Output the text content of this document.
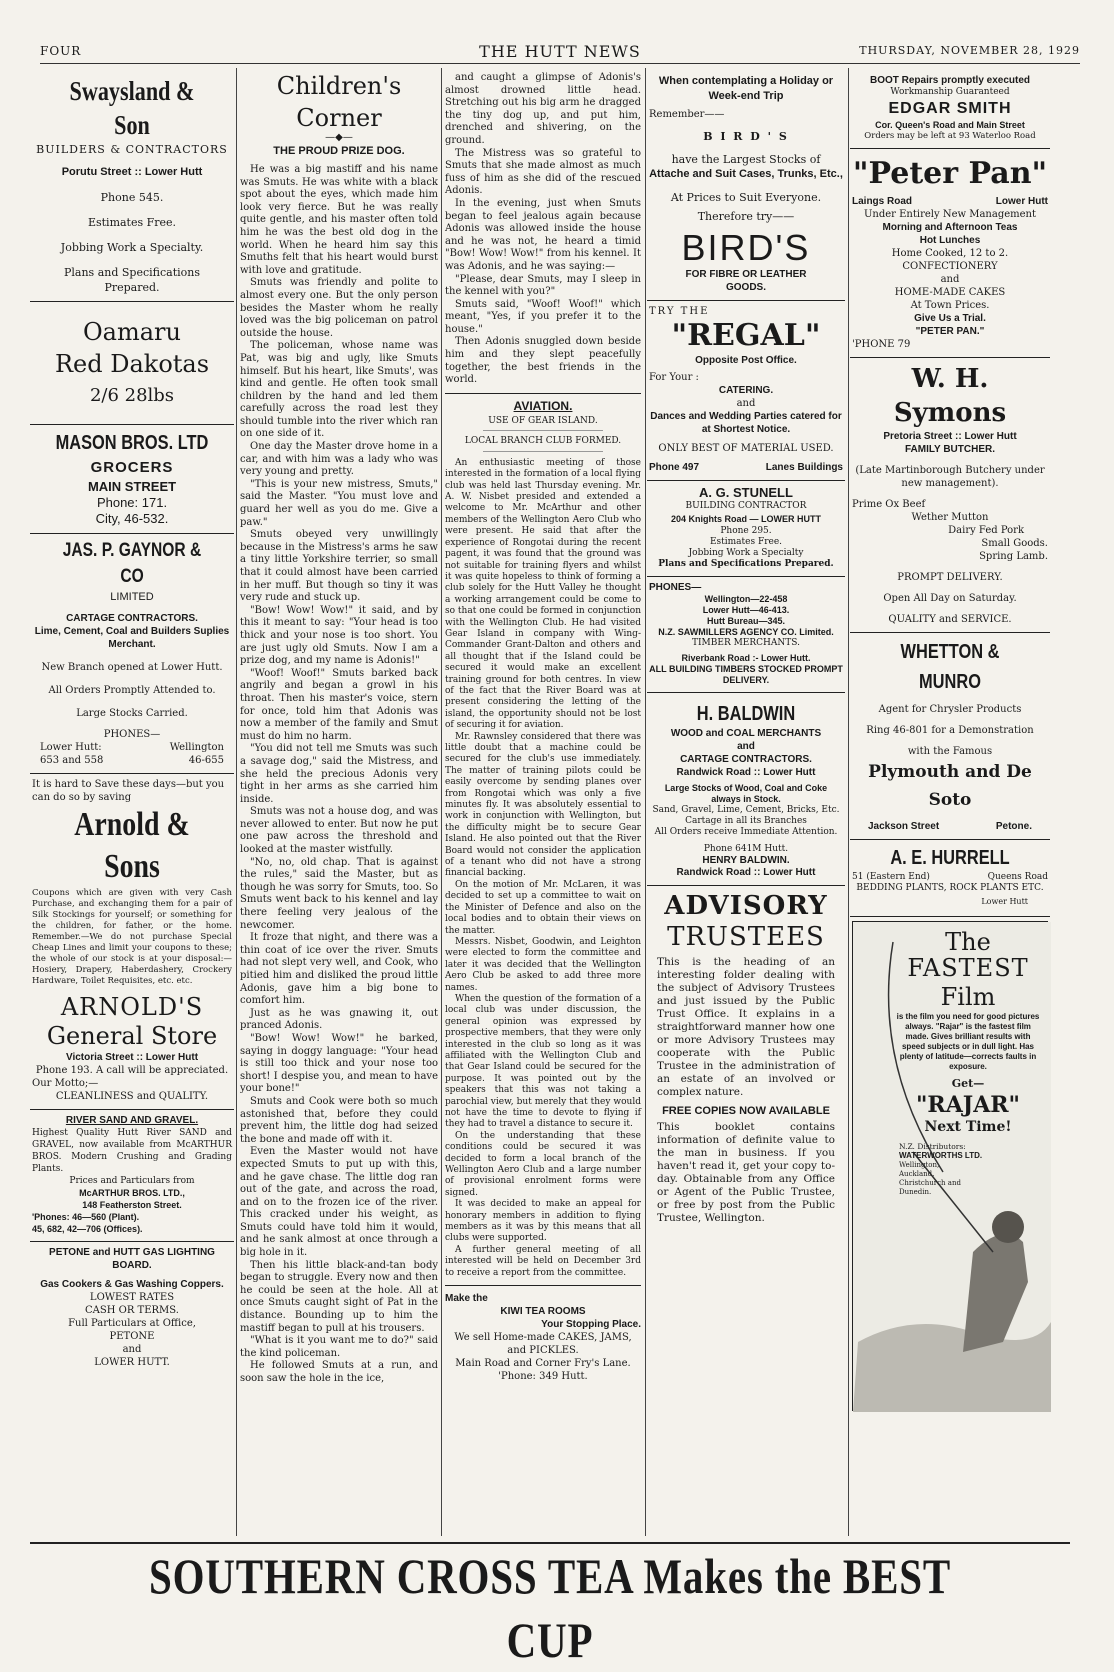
FOUR	THE HUTT NEWS	THURSDAY, NOVEMBER 28, 1929
Swaysland & Son
BUILDERS & CONTRACTORS
Porutu Street :: Lower Hutt
Phone 545.
Estimates Free.
Jobbing Work a Specialty.
Plans and Specifications Prepared.
Oamaru
Red Dakotas
2/6 28lbs
MASON BROS. LTD
GROCERS
MAIN STREET
Phone: 171.
City, 46-532.
JAS. P. GAYNOR & CO
LIMITED
CARTAGE CONTRACTORS.
Lime, Cement, Coal and Builders Suplies Merchant.
New Branch opened at Lower Hutt.
All Orders Promptly Attended to.
Large Stocks Carried.
PHONES—
Lower Hutt:	Wellington
653 and 558	46-655
It is hard to Save these days—but you can do so by saving
Arnold & Sons
Coupons which are given with very Cash Purchase, and exchanging them for a pair of Silk Stockings for yourself; or something for the children, for father, or the home. Remember.—We do not purchase Special Cheap Lines and limit your coupons to these; the whole of our stock is at your disposal:—Hosiery, Drapery, Haberdashery, Crockery Hardware, Toilet Requisites, etc. etc.
ARNOLD'S
General Store
Victoria Street :: Lower Hutt
Phone 193. A call will be appreciated.
Our Motto;—
CLEANLINESS and QUALITY.
RIVER SAND AND GRAVEL.
Highest Quality Hutt River SAND and GRAVEL, now available from McARTHUR BROS. Modern Crushing and Grading Plants.
Prices and Particulars from
McARTHUR BROS. LTD.,
148 Featherston Street.
'Phones: 46—560 (Plant).
45, 682, 42—706 (Offices).
PETONE and HUTT GAS LIGHTING BOARD.
Gas Cookers & Gas Washing Coppers.
LOWEST RATES
CASH OR TERMS.
Full Particulars at Office,
PETONE
and
LOWER HUTT.
Children's Corner
—◆—
THE PROUD PRIZE DOG.

He was a big mastiff and his name was Smuts. He was white with a black spot about the eyes, which made him look very fierce. But he was really quite gentle, and his master often told him he was the best old dog in the world. When he heard him say this Smuths felt that his heart would burst with love and gratitude.

Smuts was friendly and polite to almost every one. But the only person besides the Master whom he really loved was the big policeman on patrol outside the house.

The policeman, whose name was Pat, was big and ugly, like Smuts himself. But his heart, like Smuts', was kind and gentle. He often took small children by the hand and led them carefully across the road lest they should tumble into the river which ran on one side of it.

One day the Master drove home in a car, and with him was a lady who was very young and pretty.

"This is your new mistress, Smuts," said the Master. "You must love and guard her well as you do me. Give a paw."

Smuts obeyed very unwillingly because in the Mistress's arms he saw a tiny little Yorkshire terrier, so small that it could almost have been carried in her muff. But though so tiny it was very rude and stuck up.

"Bow! Wow! Wow!" it said, and by this it meant to say: "Your head is too thick and your nose is too short. You are just ugly old Smuts. Now I am a prize dog, and my name is Adonis!"

"Woof! Woof!" Smuts barked back angrily and began a growl in his throat. Then his master's voice, stern for once, told him that Adonis was now a member of the family and Smut must do him no harm.

"You did not tell me Smuts was such a savage dog," said the Mistress, and she held the precious Adonis very tight in her arms as she carried him inside.

Smuts was not a house dog, and was never allowed to enter. But now he put one paw across the threshold and looked at the master wistfully.

"No, no, old chap. That is against the rules," said the Master, but as though he was sorry for Smuts, too. So Smuts went back to his kennel and lay there feeling very jealous of the newcomer.

It froze that night, and there was a thin coat of ice over the river. Smuts had not slept very well, and Cook, who pitied him and disliked the proud little Adonis, gave him a big bone to comfort him.

Just as he was gnawing it, out pranced Adonis.

"Bow! Wow! Wow!" he barked, saying in doggy language: "Your head is still too thick and your nose too short! I despise you, and mean to have your bone!"

Smuts and Cook were both so much astonished that, before they could prevent him, the little dog had seized the bone and made off with it.

Even the Master would not have expected Smuts to put up with this, and he gave chase. The little dog ran out of the gate, and across the road, and on to the frozen ice of the river. This cracked under his weight, as Smuts could have told him it would, and he sank almost at once through a big hole in it.

Then his little black-and-tan body began to struggle. Every now and then he could be seen at the hole. All at once Smuts caught sight of Pat in the distance. Bounding up to him the mastiff began to pull at his trousers.

"What is it you want me to do?" said the kind policeman.

He followed Smuts at a run, and soon saw the hole in the ice,

and caught a glimpse of Adonis's almost drowned little head. Stretching out his big arm he dragged the tiny dog up, and put him, drenched and shivering, on the ground.

The Mistress was so grateful to Smuts that she made almost as much fuss of him as she did of the rescued Adonis.

In the evening, just when Smuts began to feel jealous again because Adonis was allowed inside the house and he was not, he heard a timid "Bow! Wow! Wow!" from his kennel. It was Adonis, and he was saying:—

"Please, dear Smuts, may I sleep in the kennel with you?"

Smuts said, "Woof! Woof!" which meant, "Yes, if you prefer it to the house."

Then Adonis snuggled down beside him and they slept peacefully together, the best friends in the world.

AVIATION.
USE OF GEAR ISLAND.
LOCAL BRANCH CLUB FORMED.

An enthusiastic meeting of those interested in the formation of a local flying club was held last Thursday evening. Mr. A. W. Nisbet presided and extended a welcome to Mr. McArthur and other members of the Wellington Aero Club who were present. He said that after the experience of Rongotai during the recent pagent, it was found that the ground was not suitable for training flyers and whilst it was quite hopeless to think of forming a club solely for the Hutt Valley he thought a working arrangement could be come to so that one could be formed in conjunction with the Wellington Club. He had visited Gear Island in company with Wing-Commander Grant-Dalton and others and all thought that if the Island could be secured it would make an excellent training ground for both centres. In view of the fact that the River Board was at present considering the letting of the island, the opportunity should not be lost of securing it for aviation.

Mr. Rawnsley considered that there was little doubt that a machine could be secured for the club's use immediately. The matter of training pilots could be easily overcome by sending planes over from Rongotai which was only a five minutes fly. It was absolutely essential to work in conjunction with Wellington, but the difficulty might be to secure Gear Island. He also pointed out that the River Board would not consider the application of a tenant who did not have a strong financial backing.

On the motion of Mr. McLaren, it was decided to set up a committee to wait on the Minister of Defence and also on the local bodies and to obtain their views on the matter.

Messrs. Nisbet, Goodwin, and Leighton were elected to form the committee and later it was decided that the Wellington Aero Club be asked to add three more names.

When the question of the formation of a local club was under discussion, the general opinion was expressed by prospective members, that they were only interested in the club so long as it was affiliated with the Wellington Club and that Gear Island could be secured for the purpose. It was pointed out by the speakers that this was not taking a parochial view, but merely that they would not have the time to devote to flying if they had to travel a distance to secure it.

On the understanding that these conditions could be secured it was decided to form a local branch of the Wellington Aero Club and a large number of provisional enrolment forms were signed.

It was decided to make an appeal for honorary members in addition to flying members as it was by this means that all clubs were supported.

A further general meeting of all interested will be held on December 3rd to receive a report from the committee.

Make the
KIWI TEA ROOMS
Your Stopping Place.
We sell Home-made CAKES, JAMS, and PICKLES.
Main Road and Corner Fry's Lane.
'Phone: 349 Hutt.
When contemplating a Holiday or Week-end Trip
Remember——
B I R D ' S
have the Largest Stocks of
Attache and Suit Cases, Trunks, Etc.,
At Prices to Suit Everyone.
Therefore try——
BIRD'S
FOR FIBRE OR LEATHER GOODS.
TRY THE
"REGAL"
Opposite Post Office.
For Your :
CATERING.
and
Dances and Wedding Parties catered for at Shortest Notice.
ONLY BEST OF MATERIAL USED.
Phone 497	Lanes Buildings
A. G. STUNELL
BUILDING CONTRACTOR
204 Knights Road — LOWER HUTT
Phone 295.
Estimates Free.
Jobbing Work a Specialty
Plans and Specifications Prepared.
PHONES—
Wellington—22-458
Lower Hutt—46-413.
Hutt Bureau—345.
N.Z. SAWMILLERS AGENCY CO. Limited.
TIMBER MERCHANTS.
Riverbank Road :- Lower Hutt.
ALL BUILDING TIMBERS STOCKED PROMPT DELIVERY.
H. BALDWIN
WOOD and COAL MERCHANTS
and
CARTAGE CONTRACTORS.
Randwick Road :: Lower Hutt
Large Stocks of Wood, Coal and Coke always in Stock.
Sand, Gravel, Lime, Cement, Bricks, Etc.
Cartage in all its Branches
All Orders receive Immediate Attention.
Phone 641M Hutt.
HENRY BALDWIN.
Randwick Road :: Lower Hutt
ADVISORY
TRUSTEES
This is the heading of an interesting folder dealing with the subject of Advisory Trustees and just issued by the Public Trust Office. It explains in a straightforward manner how one or more Advisory Trustees may cooperate with the Public Trustee in the administration of an estate of an involved or complex nature.
FREE COPIES NOW AVAILABLE
This booklet contains information of definite value to the man in business. If you haven't read it, get your copy to-day. Obtainable from any Office or Agent of the Public Trustee, or free by post from the Public Trustee, Wellington.
BOOT Repairs promptly executed
Workmanship Guaranteed
EDGAR SMITH
Cor. Queen's Road and Main Street
Orders may be left at 93 Waterloo Road
"Peter Pan"
Laings Road	Lower Hutt
Under Entirely New Management
Morning and Afternoon Teas
Hot Lunches
Home Cooked, 12 to 2.
CONFECTIONERY
and
HOME-MADE CAKES
At Town Prices.
Give Us a Trial.
"PETER PAN."
'PHONE 79
W. H. Symons
Pretoria Street :: Lower Hutt
FAMILY BUTCHER.
(Late Martinborough Butchery under new management).
Prime Ox Beef
Wether Mutton
Dairy Fed Pork
Small Goods.
Spring Lamb.
PROMPT DELIVERY.
Open All Day on Saturday.
QUALITY and SERVICE.
WHETTON & MUNRO
Agent for Chrysler Products
Ring 46-801 for a Demonstration
with the Famous
Plymouth and De Soto
Jackson Street	Petone.
A. E. HURRELL
51 (Eastern End)	Queens Road
BEDDING PLANTS, ROCK PLANTS ETC.
Lower Hutt
The
FASTEST
Film
is the film you need for good pictures always. "Rajar" is the fastest film made. Gives brilliant results with speed subjects or in dull light. Has plenty of latitude—corrects faults in exposure.
Get—
"RAJAR"
Next Time!
N.Z. Distributors:
WATERWORTHS LTD.
Wellington, Auckland, Christchurch and Dunedin.
SOUTHERN CROSS TEA Makes the BEST CUP
